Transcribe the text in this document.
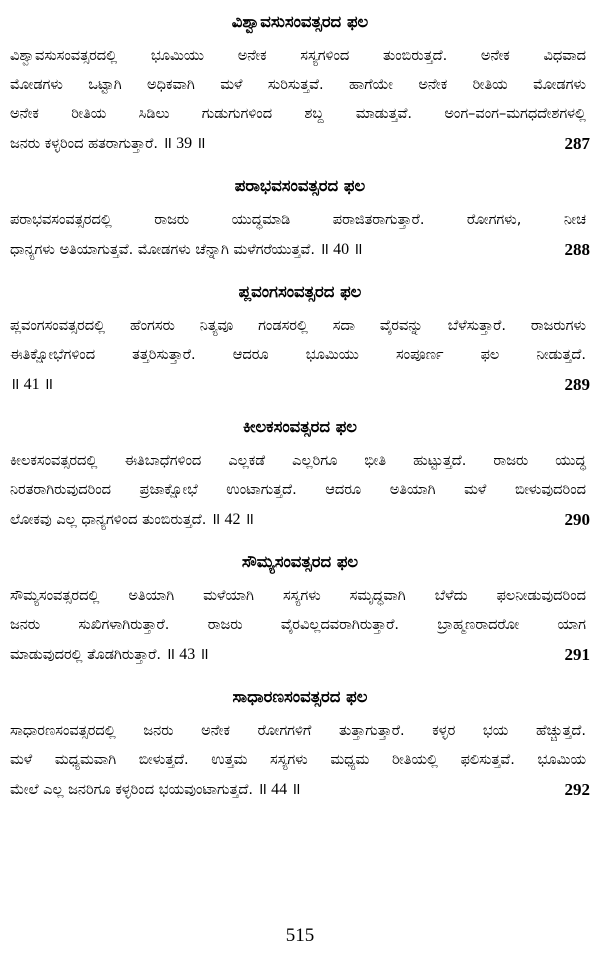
ವಿಶ್ವಾವಸುಸಂವತ್ಸರದ ಫಲ
ವಿಶ್ವಾವಸುಸಂವತ್ಸರದಲ್ಲಿ ಭೂಮಿಯು ಅನೇಕ ಸಸ್ಯಗಳಿಂದ ತುಂಬಿರುತ್ತದೆ. ಅನೇಕ ವಿಧವಾದ
ಮೋಡಗಳು ಒಟ್ಟಾಗಿ ಅಧಿಕವಾಗಿ ಮಳೆ ಸುರಿಸುತ್ತವೆ. ಹಾಗೆಯೇ ಅನೇಕ ರೀತಿಯ ಮೋಡಗಳು
ಅನೇಕ ರೀತಿಯ ಸಿಡಿಲು ಗುಡುಗುಗಳಿಂದ ಶಬ್ದ ಮಾಡುತ್ತವೆ. ಅಂಗ–ವಂಗ–ಮಗಧದೇಶಗಳಲ್ಲಿ
ಜನರು ಕಳ್ಳರಿಂದ ಹತರಾಗುತ್ತಾರೆ. ॥ 39 ॥	287
ಪರಾಭವಸಂವತ್ಸರದ ಫಲ
ಪರಾಭವಸಂವತ್ಸರದಲ್ಲಿ ರಾಜರು ಯುದ್ಧಮಾಡಿ ಪರಾಜಿತರಾಗುತ್ತಾರೆ. ರೋಗಗಳು, ನೀಚ
ಧಾನ್ಯಗಳು ಅತಿಯಾಗುತ್ತವೆ. ಮೋಡಗಳು ಚೆನ್ನಾಗಿ ಮಳೆಗರೆಯುತ್ತವೆ. ॥ 40 ॥	288
ಪ್ಲವಂಗಸಂವತ್ಸರದ ಫಲ
ಪ್ಲವಂಗಸಂವತ್ಸರದಲ್ಲಿ ಹೆಂಗಸರು ನಿತ್ಯವೂ ಗಂಡಸರಲ್ಲಿ ಸದಾ ವೈರವನ್ನು ಬೆಳೆಸುತ್ತಾರೆ. ರಾಜರುಗಳು
ಈತಿಕ್ಷೋಭೆಗಳಿಂದ ತತ್ತರಿಸುತ್ತಾರೆ. ಆದರೂ ಭೂಮಿಯು ಸಂಪೂರ್ಣ ಫಲ ನೀಡುತ್ತದೆ.
॥ 41 ॥	289
ಕೀಲಕಸಂವತ್ಸರದ ಫಲ
ಕೀಲಕಸಂವತ್ಸರದಲ್ಲಿ ಈತಿಬಾಧೆಗಳಿಂದ ಎಲ್ಲಕಡೆ ಎಲ್ಲರಿಗೂ ಭೀತಿ ಹುಟ್ಟುತ್ತದೆ. ರಾಜರು ಯುದ್ಧ
ನಿರತರಾಗಿರುವುದರಿಂದ ಪ್ರಜಾಕ್ಷೋಭೆ ಉಂಟಾಗುತ್ತದೆ. ಆದರೂ ಅತಿಯಾಗಿ ಮಳೆ ಬೀಳುವುದರಿಂದ
ಲೋಕವು ಎಲ್ಲ ಧಾನ್ಯಗಳಿಂದ ತುಂಬಿರುತ್ತದೆ. ॥ 42 ॥	290
ಸೌಮ್ಯಸಂವತ್ಸರದ ಫಲ
ಸೌಮ್ಯಸಂವತ್ಸರದಲ್ಲಿ ಅತಿಯಾಗಿ ಮಳೆಯಾಗಿ ಸಸ್ಯಗಳು ಸಮೃದ್ಧವಾಗಿ ಬೆಳೆದು ಫಲನೀಡುವುದರಿಂದ
ಜನರು ಸುಖಿಗಳಾಗಿರುತ್ತಾರೆ. ರಾಜರು ವೈರವಿಲ್ಲದವರಾಗಿರುತ್ತಾರೆ. ಬ್ರಾಹ್ಮಣರಾದರೋ ಯಾಗ
ಮಾಡುವುದರಲ್ಲಿ ತೊಡಗಿರುತ್ತಾರೆ. ॥ 43 ॥	291
ಸಾಧಾರಣಸಂವತ್ಸರದ ಫಲ
ಸಾಧಾರಣಸಂವತ್ಸರದಲ್ಲಿ ಜನರು ಅನೇಕ ರೋಗಗಳಿಗೆ ತುತ್ತಾಗುತ್ತಾರೆ. ಕಳ್ಳರ ಭಯ ಹೆಚ್ಚುತ್ತದೆ.
ಮಳೆ ಮಧ್ಯಮವಾಗಿ ಬೀಳುತ್ತದೆ. ಉತ್ತಮ ಸಸ್ಯಗಳು ಮಧ್ಯಮ ರೀತಿಯಲ್ಲಿ ಫಲಿಸುತ್ತವೆ. ಭೂಮಿಯ
ಮೇಲೆ ಎಲ್ಲ ಜನರಿಗೂ ಕಳ್ಳರಿಂದ ಭಯವುಂಟಾಗುತ್ತದೆ. ॥ 44 ॥	292
515
